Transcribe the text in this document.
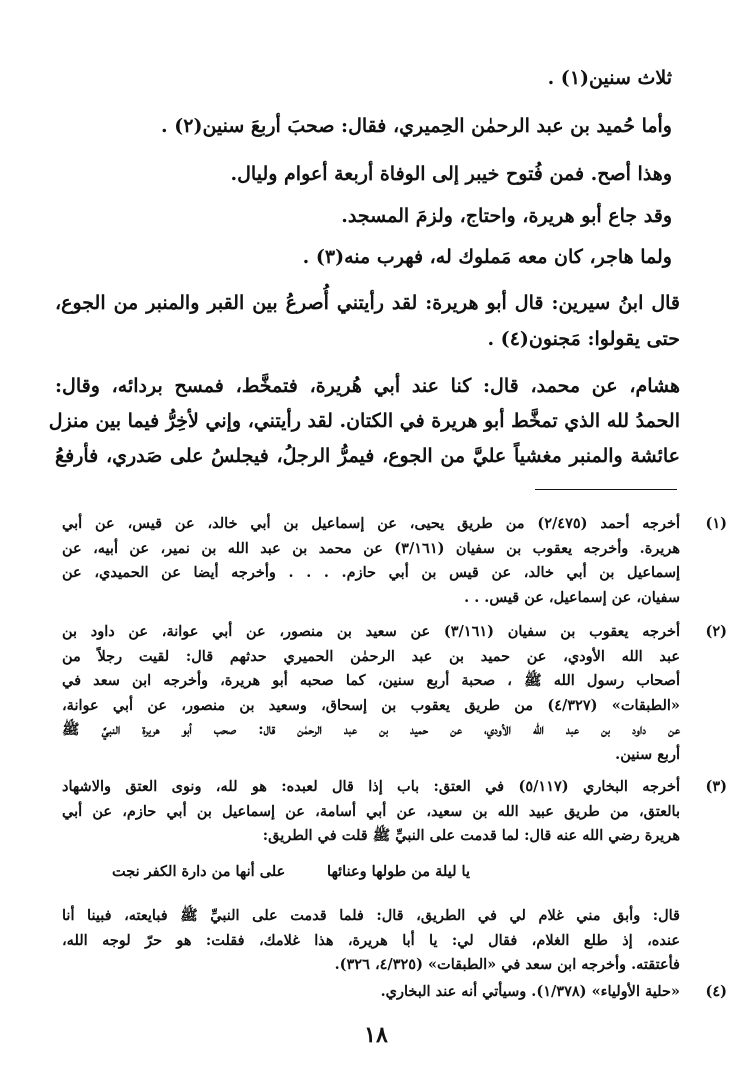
ثلاث سنين(١) .

وأما حُميد بن عبد الرحمٰن الحِميري، فقال: صحبَ أربعَ سنين(٢) .

وهذا أصح. فمن فُتوح خيبر إلى الوفاة أربعة أعوام وليال.

وقد جاع أبو هريرة، واحتاج، ولزمَ المسجد.

ولما هاجر، كان معه مَملوك له، فهرب منه(٣) .

قال ابنُ سيرين: قال أبو هريرة: لقد رأيتني أُصرعُ بين القبر والمنبر من الجوع،

حتى يقولوا: مَجنون(٤) .

هشام، عن محمد، قال: كنا عند أبي هُريرة، فتمخَّط، فمسح بردائه، وقال:

الحمدُ لله الذي تمخَّط أبو هريرة في الكتان. لقد رأيتني، وإني لأخِرُّ فيما بين منزل

عائشة والمنبر مغشياً عليَّ من الجوع، فيمرُّ الرجلُ، فيجلسُ على صَدري، فأرفعُ

(١)

أخرجه أحمد (٢/٤٧٥) من طريق يحيى، عن إسماعيل بن أبي خالد، عن قيس، عن أبي

هريرة. وأخرجه يعقوب بن سفيان (٣/١٦١) عن محمد بن عبد الله بن نمير، عن أبيه، عن

إسماعيل بن أبي خالد، عن قيس بن أبي حازم. . . . وأخرجه أيضا عن الحميدي، عن

سفيان، عن إسماعيل، عن قيس. . .

(٢)

أخرجه يعقوب بن سفيان (٣/١٦١) عن سعيد بن منصور، عن أبي عوانة، عن داود بن

عبد الله الأودي، عن حميد بن عبد الرحمٰن الحميري حدثهم قال: لقيت رجلاً من

أصحاب رسول الله ﷺ ، صحبة أربع سنين، كما صحبه أبو هريرة، وأخرجه ابن سعد في

«الطبقات» (٤/٣٢٧) من طريق يعقوب بن إسحاق، وسعيد بن منصور، عن أبي عوانة،

عن داود بن عبد الله الأودي، عن حميد بن عبد الرحمٰن قال: صحب أبو هريرة النبيَّ ﷺ

أربع سنين.

(٣)

أخرجه البخاري (٥/١١٧) في العتق: باب إذا قال لعبده: هو لله، ونوى العتق والاشهاد

بالعتق، من طريق عبيد الله بن سعيد، عن أبي أسامة، عن إسماعيل بن أبي حازم، عن أبي

هريرة رضي الله عنه قال: لما قدمت على النبيِّ ﷺ قلت في الطريق:

يا ليلة من طولها وعنائها
على أنها من دارة الكفر نجت

قال: وأبق مني غلام لي في الطريق، قال: فلما قدمت على النبيِّ ﷺ فبايعته، فبينا أنا

عنده، إذ طلع الغلام، فقال لي: يا أبا هريرة، هذا غلامك، فقلت: هو حرّ لوجه الله،

فأعتقته. وأخرجه ابن سعد في «الطبقات» (٤/٣٢٥، ٣٢٦).

(٤)

«حلية الأولياء» (١/٣٧٨). وسيأتي أنه عند البخاري.

١٨
